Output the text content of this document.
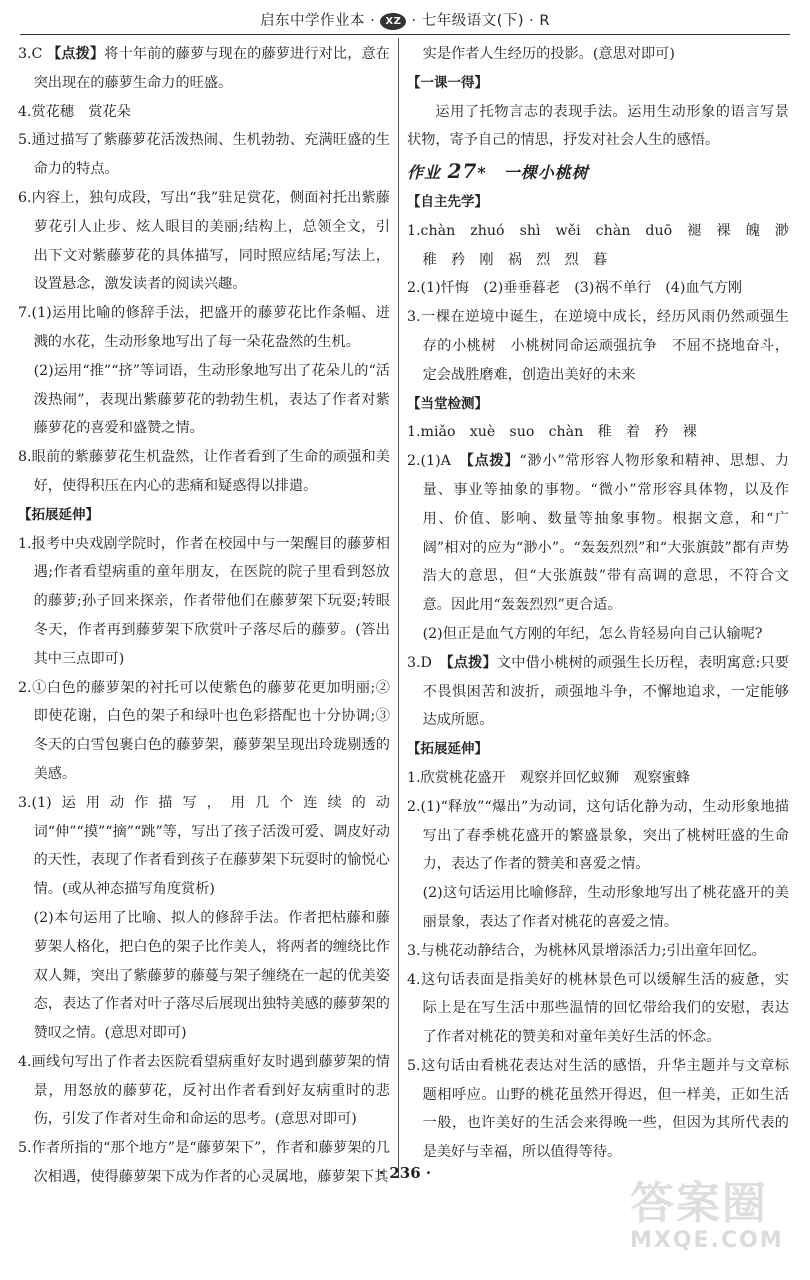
启东中学作业本 · XZ · 七年级语文(下) · R

3.C 【点拨】将十年前的藤萝与现在的藤萝进行对比，意在突出现在的藤萝生命力的旺盛。

4.赏花穗　赏花朵

5.通过描写了紫藤萝花活泼热闹、生机勃勃、充满旺盛的生命力的特点。

6.内容上，独句成段，写出“我”驻足赏花，侧面衬托出紫藤萝花引人止步、炫人眼目的美丽;结构上，总领全文，引出下文对紫藤萝花的具体描写，同时照应结尾;写法上，设置悬念，激发读者的阅读兴趣。

7.(1)运用比喻的修辞手法，把盛开的藤萝花比作条幅、迸溅的水花，生动形象地写出了每一朵花盎然的生机。

(2)运用“推”“挤”等词语，生动形象地写出了花朵儿的“活泼热闹”，表现出紫藤萝花的勃勃生机，表达了作者对紫藤萝花的喜爱和盛赞之情。

8.眼前的紫藤萝花生机盎然，让作者看到了生命的顽强和美好，使得积压在内心的悲痛和疑惑得以排遣。

【拓展延伸】

1.报考中央戏剧学院时，作者在校园中与一架醒目的藤萝相遇;作者看望病重的童年朋友，在医院的院子里看到怒放的藤萝;孙子回来探亲，作者带他们在藤萝架下玩耍;转眼冬天，作者再到藤萝架下欣赏叶子落尽后的藤萝。(答出其中三点即可)

2.①白色的藤萝架的衬托可以使紫色的藤萝花更加明丽;②即使花谢，白色的架子和绿叶也色彩搭配也十分协调;③冬天的白雪包裹白色的藤萝架，藤萝架呈现出玲珑剔透的美感。

3.(1)运用动作描写，用几个连续的动词“伸”“摸”“摘”“跳”等，写出了孩子活泼可爱、调皮好动的天性，表现了作者看到孩子在藤萝架下玩耍时的愉悦心情。(或从神态描写角度赏析)

(2)本句运用了比喻、拟人的修辞手法。作者把枯藤和藤萝架人格化，把白色的架子比作美人，将两者的缠绕比作双人舞，突出了紫藤萝的藤蔓与架子缠绕在一起的优美姿态，表达了作者对叶子落尽后展现出独特美感的藤萝架的赞叹之情。(意思对即可)

4.画线句写出了作者去医院看望病重好友时遇到藤萝架的情景，用怒放的藤萝花，反衬出作者看到好友病重时的悲伤，引发了作者对生命和命运的思考。(意思对即可)

5.作者所指的“那个地方”是“藤萝架下”，作者和藤萝架的几次相遇，使得藤萝架下成为作者的心灵属地，藤萝架下其

实是作者人生经历的投影。(意思对即可)

【一课一得】

运用了托物言志的表现手法。运用生动形象的语言写景状物，寄予自己的情思，抒发对社会人生的感悟。

作业 27*　一棵小桃树

【自主先学】

1.chàn　zhuó　shì　wěi　chàn　duō　褪　裸　魄　渺稚　矜　刚　祸　烈　烈　暮

2.(1)忏悔　(2)垂垂暮老　(3)祸不单行　(4)血气方刚

3.一棵在逆境中诞生，在逆境中成长，经历风雨仍然顽强生存的小桃树　小桃树同命运顽强抗争　不屈不挠地奋斗，定会战胜磨难，创造出美好的未来

【当堂检测】

1.miǎo　xuè　suo　chàn　稚　着　矜　裸

2.(1)A　【点拨】“渺小”常形容人物形象和精神、思想、力量、事业等抽象的事物。“微小”常形容具体物，以及作用、价值、影响、数量等抽象事物。根据文意，和“广阔”相对的应为“渺小”。“轰轰烈烈”和“大张旗鼓”都有声势浩大的意思，但“大张旗鼓”带有高调的意思，不符合文意。因此用“轰轰烈烈”更合适。

(2)但正是血气方刚的年纪，怎么肯轻易向自己认输呢?

3.D　【点拨】文中借小桃树的顽强生长历程，表明寓意:只要不畏惧困苦和波折，顽强地斗争，不懈地追求，一定能够达成所愿。

【拓展延伸】

1.欣赏桃花盛开　观察并回忆蚁狮　观察蜜蜂

2.(1)“释放”“爆出”为动词，这句话化静为动，生动形象地描写出了春季桃花盛开的繁盛景象，突出了桃树旺盛的生命力，表达了作者的赞美和喜爱之情。

(2)这句话运用比喻修辞，生动形象地写出了桃花盛开的美丽景象，表达了作者对桃花的喜爱之情。

3.与桃花动静结合，为桃林风景增添活力;引出童年回忆。

4.这句话表面是指美好的桃林景色可以缓解生活的疲惫，实际上是在写生活中那些温情的回忆带给我们的安慰，表达了作者对桃花的赞美和对童年美好生活的怀念。

5.这句话由看桃花表达对生活的感悟，升华主题并与文章标题相呼应。山野的桃花虽然开得迟，但一样美，正如生活一般，也许美好的生活会来得晚一些，但因为其所代表的是美好与幸福，所以值得等待。

· 236 ·
答案圈
MXQE.COM
